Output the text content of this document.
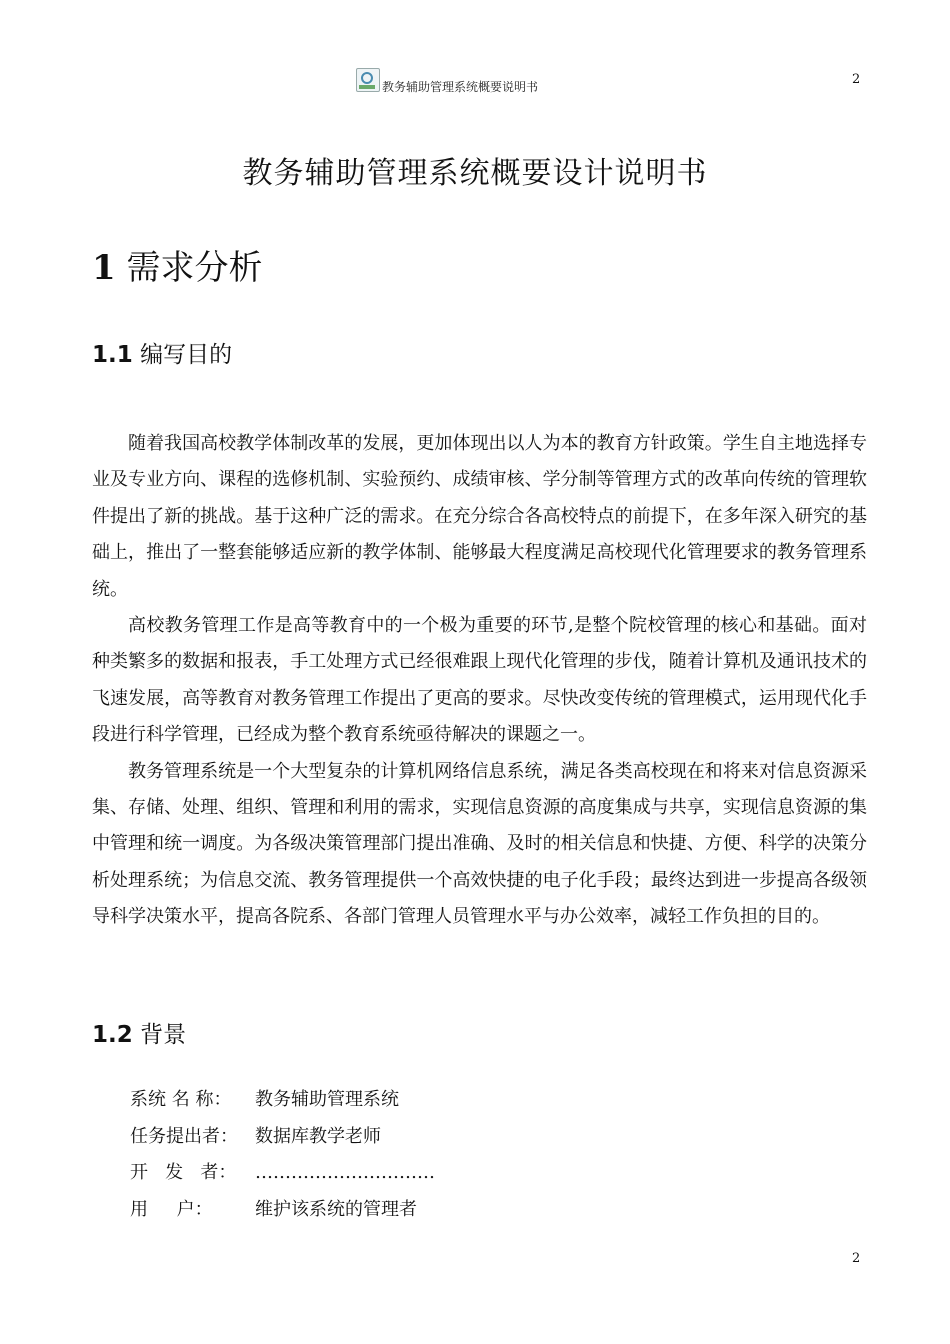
教务辅助管理系统概要说明书	2
教务辅助管理系统概要设计说明书
1 需求分析
1.1 编写目的

随着我国高校教学体制改革的发展，更加体现出以人为本的教育方针政策。学生自主地选择专业及专业方向、课程的选修机制、实验预约、成绩审核、学分制等管理方式的改革向传统的管理软件提出了新的挑战。基于这种广泛的需求。在充分综合各高校特点的前提下，在多年深入研究的基础上，推出了一整套能够适应新的教学体制、能够最大程度满足高校现代化管理要求的教务管理系统。

高校教务管理工作是高等教育中的一个极为重要的环节,是整个院校管理的核心和基础。面对种类繁多的数据和报表，手工处理方式已经很难跟上现代化管理的步伐，随着计算机及通讯技术的飞速发展，高等教育对教务管理工作提出了更高的要求。尽快改变传统的管理模式，运用现代化手段进行科学管理，已经成为整个教育系统亟待解决的课题之一。

教务管理系统是一个大型复杂的计算机网络信息系统，满足各类高校现在和将来对信息资源采集、存储、处理、组织、管理和利用的需求，实现信息资源的高度集成与共享，实现信息资源的集中管理和统一调度。为各级决策管理部门提出准确、及时的相关信息和快捷、方便、科学的决策分析处理系统；为信息交流、教务管理提供一个高效快捷的电子化手段；最终达到进一步提高各级领导科学决策水平，提高各院系、各部门管理人员管理水平与办公效率，减轻工作负担的目的。

1.2 背景
系统 名 称：	教务辅助管理系统
任务提出者： 数据库教学老师
开   发   者：	…………………………
用     户：	维护该系统的管理者
2
